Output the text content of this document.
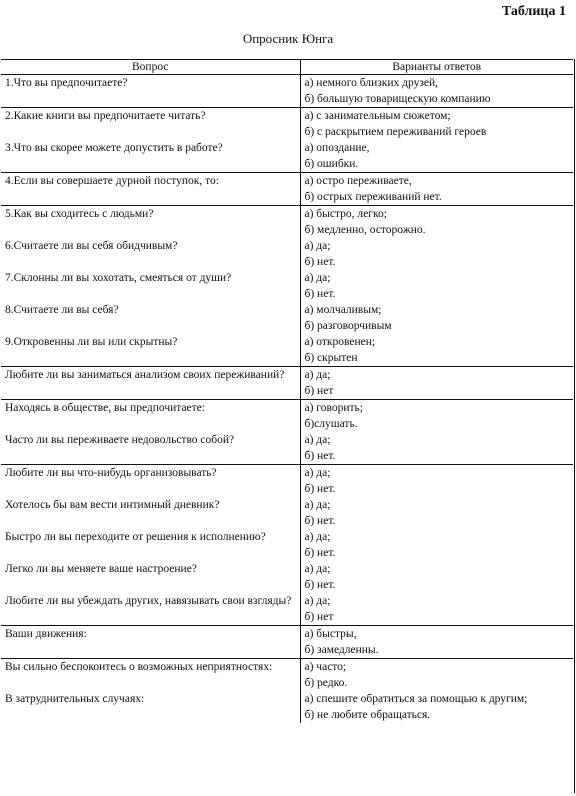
Таблица 1
Опросник Юнга
Вопрос	Варианты ответов
1.Что вы предпочитаете?	а) немного близких друзей,
б) большую товарищескую компанию

2.Какие книги вы предпочитаете читать?	а) с занимательным сюжетом;
б) с раскрытием переживаний героев

3.Что вы скорее можете допустить в работе?	а) опоздание,
б) ошибки.

4.Если вы совершаете дурной поступок, то:	а) остро переживаете,
б) острых переживаний нет.

5.Как вы сходитесь с людьми?	а) быстро, легко;
б) медленно, осторожно.

6.Считаете ли вы себя обидчивым?	а) да;
б) нет.

7.Склонны ли вы хохотать, смеяться от души?	а) да;
б) нет.

8.Считаете ли вы себя?	а) молчаливым;
б) разговорчивым

9.Откровенны ли вы или скрытны?	а) откровенен;
б) скрытен

Любите ли вы заниматься анализом своих переживаний?	а) да;
б) нет

Находясь в обществе, вы предпочитаете:	а) говорить;
б)слушать.

Часто ли вы переживаете недовольство собой?	а) да;
б) нет.

Любите ли вы что-нибудь организовывать?	а) да;
б) нет.

Хотелось бы вам вести интимный дневник?	а) да;
б) нет.

Быстро ли вы переходите от решения к исполнению?	а) да;
б) нет.

Легко ли вы меняете ваше настроение?	а) да;
б) нет.

Любите ли вы убеждать других, навязывать свои взгляды?	а) да;
б) нет

Ваши движения:	а) быстры,
б) замедленны.

Вы сильно беспокоитесь о возможных неприятностях:	а) часто;
б) редко.

В затруднительных случаях:	а) спешите обратиться за помощью к другим;
б) не любите обращаться.
